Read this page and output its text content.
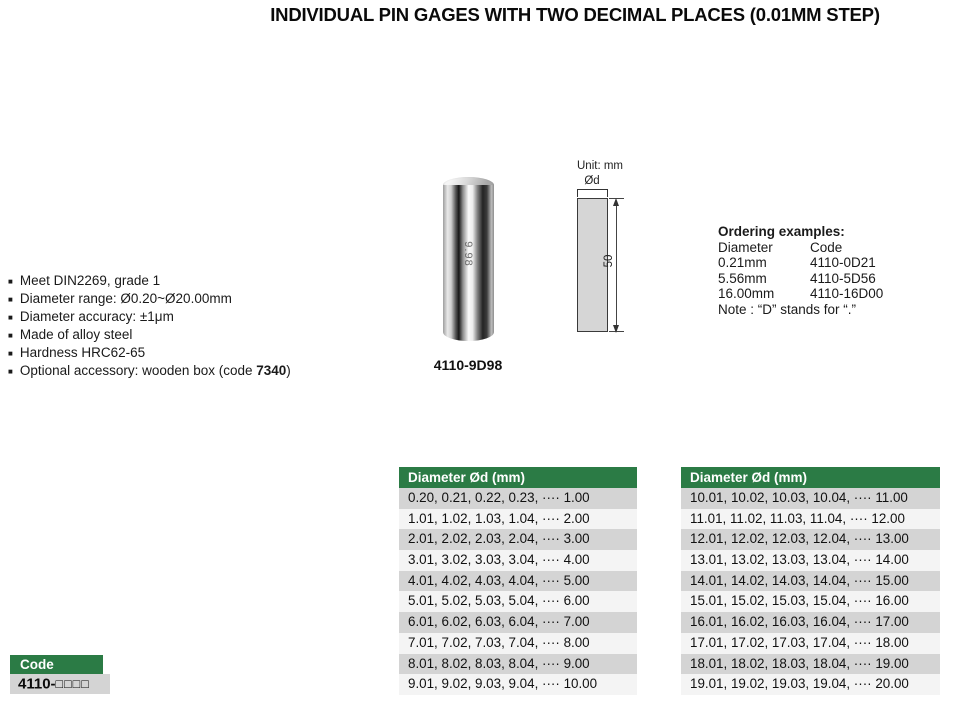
INDIVIDUAL PIN GAGES WITH TWO DECIMAL PLACES (0.01MM STEP)
■ Meet DIN2269, grade 1
■ Diameter range: Ø0.20~Ø20.00mm
■ Diameter accuracy: ±1μm
■ Made of alloy steel
■ Hardness HRC62-65
■ Optional accessory: wooden box (code 7340)
9.98
4110-9D98
Unit: mm
Ød
50
Ordering examples:
Diameter	Code
0.21mm	4110-0D21
5.56mm	4110-5D56
16.00mm	4110-16D00
Note : “D” stands for “.”
Diameter Ød (mm)
0.20, 0.21, 0.22, 0.23, ···· 1.00
1.01, 1.02, 1.03, 1.04, ···· 2.00
2.01, 2.02, 2.03, 2.04, ···· 3.00
3.01, 3.02, 3.03, 3.04, ···· 4.00
4.01, 4.02, 4.03, 4.04, ···· 5.00
5.01, 5.02, 5.03, 5.04, ···· 6.00
6.01, 6.02, 6.03, 6.04, ···· 7.00
7.01, 7.02, 7.03, 7.04, ···· 8.00
8.01, 8.02, 8.03, 8.04, ···· 9.00
9.01, 9.02, 9.03, 9.04, ···· 10.00
Diameter Ød (mm)
10.01, 10.02, 10.03, 10.04, ···· 11.00
11.01, 11.02, 11.03, 11.04, ···· 12.00
12.01, 12.02, 12.03, 12.04, ···· 13.00
13.01, 13.02, 13.03, 13.04, ···· 14.00
14.01, 14.02, 14.03, 14.04, ···· 15.00
15.01, 15.02, 15.03, 15.04, ···· 16.00
16.01, 16.02, 16.03, 16.04, ···· 17.00
17.01, 17.02, 17.03, 17.04, ···· 18.00
18.01, 18.02, 18.03, 18.04, ···· 19.00
19.01, 19.02, 19.03, 19.04, ···· 20.00
Code
4110-□□□□
